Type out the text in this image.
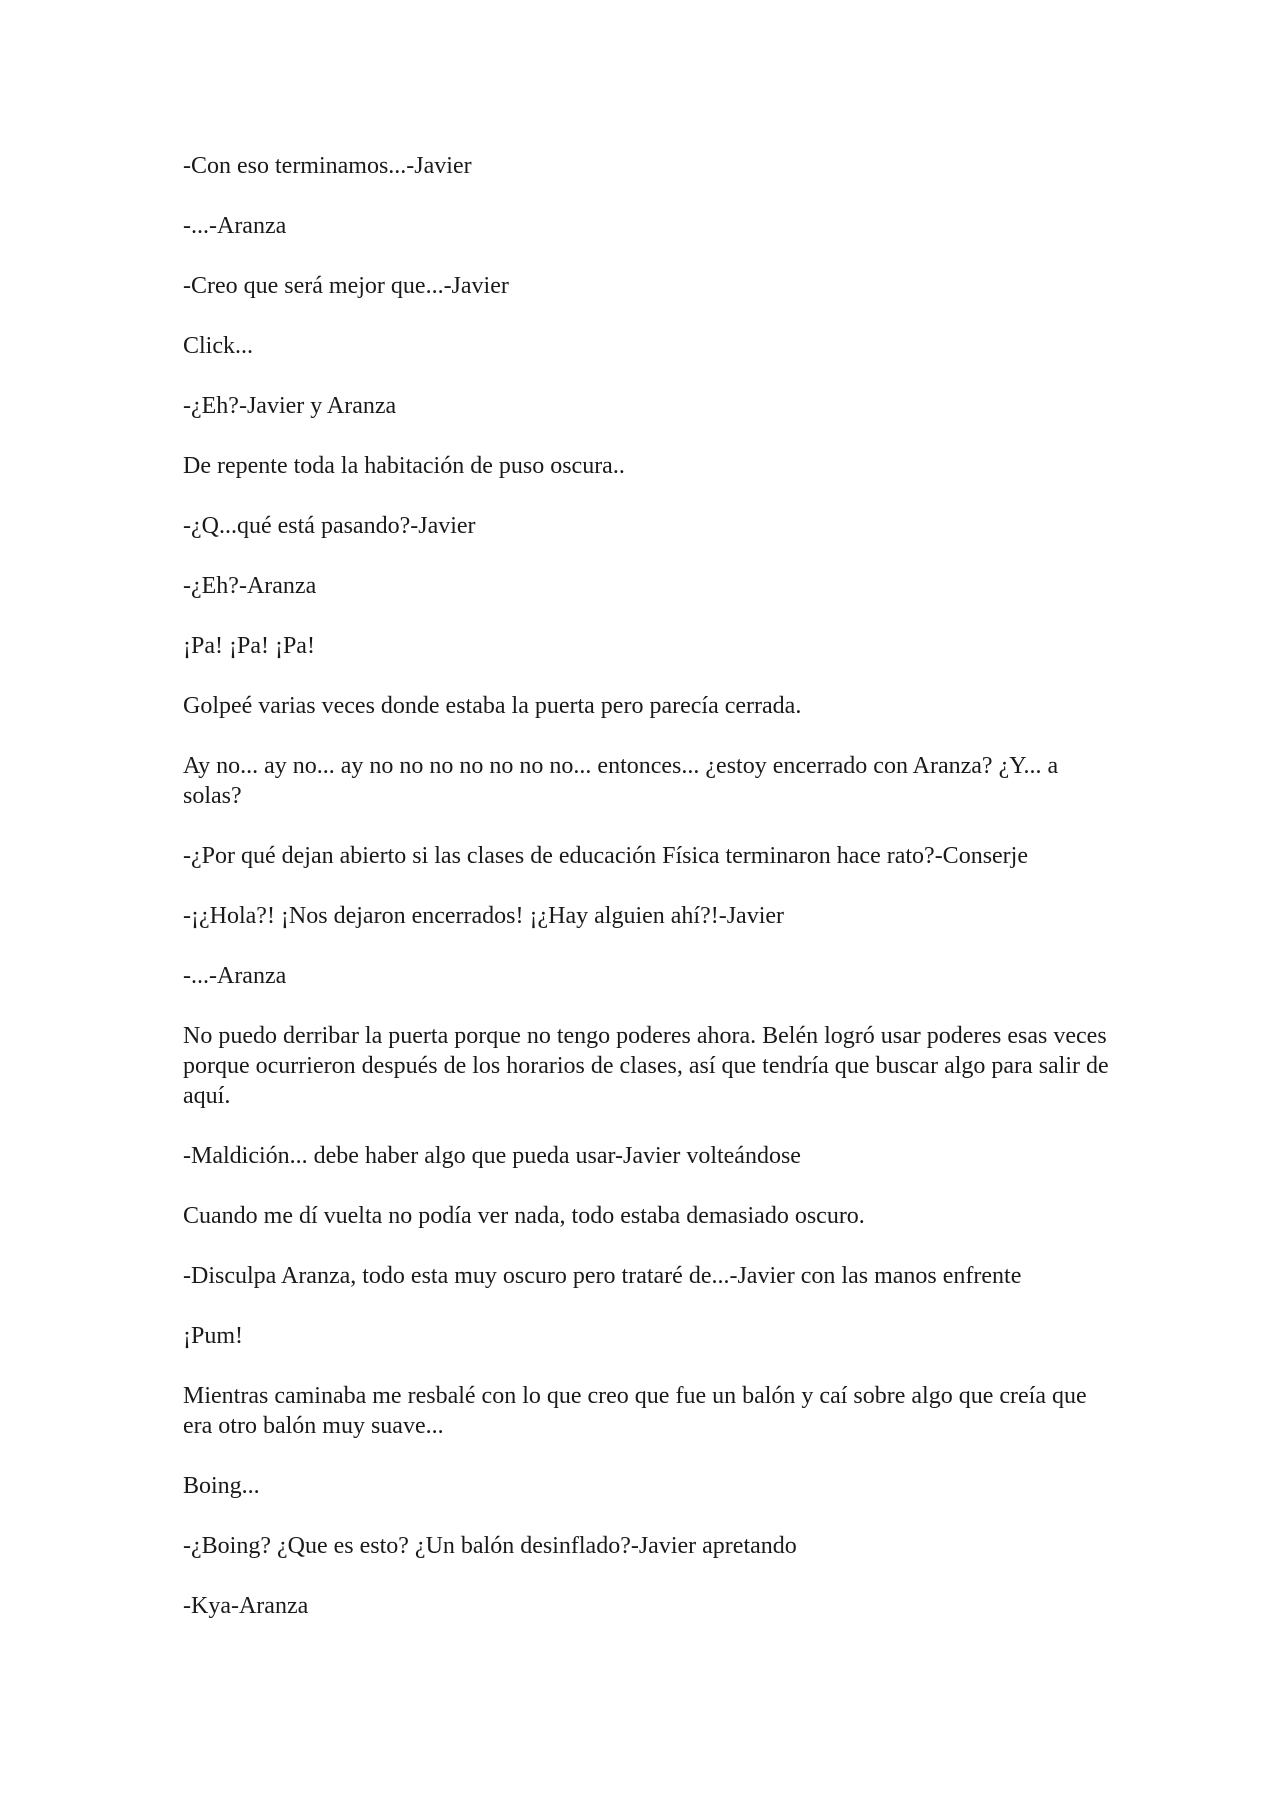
-Con eso terminamos...-Javier

-...-Aranza

-Creo que será mejor que...-Javier

Click...

-¿Eh?-Javier y Aranza

De repente toda la habitación de puso oscura..

-¿Q...qué está pasando?-Javier

-¿Eh?-Aranza

¡Pa! ¡Pa! ¡Pa!

Golpeé varias veces donde estaba la puerta pero parecía cerrada.

Ay no... ay no... ay no no no no no no no... entonces... ¿estoy encerrado con Aranza? ¿Y... a solas?

-¿Por qué dejan abierto si las clases de educación Física terminaron hace rato?-Conserje

-¡¿Hola?! ¡Nos dejaron encerrados! ¡¿Hay alguien ahí?!-Javier

-...-Aranza

No puedo derribar la puerta porque no tengo poderes ahora. Belén logró usar poderes esas veces porque ocurrieron después de los horarios de clases, así que tendría que buscar algo para salir de aquí.

-Maldición... debe haber algo que pueda usar-Javier volteándose

Cuando me dí vuelta no podía ver nada, todo estaba demasiado oscuro.

-Disculpa Aranza, todo esta muy oscuro pero trataré de...-Javier con las manos enfrente

¡Pum!

Mientras caminaba me resbalé con lo que creo que fue un balón y caí sobre algo que creía que era otro balón muy suave...

Boing...

-¿Boing? ¿Que es esto? ¿Un balón desinflado?-Javier apretando

-Kya-Aranza
